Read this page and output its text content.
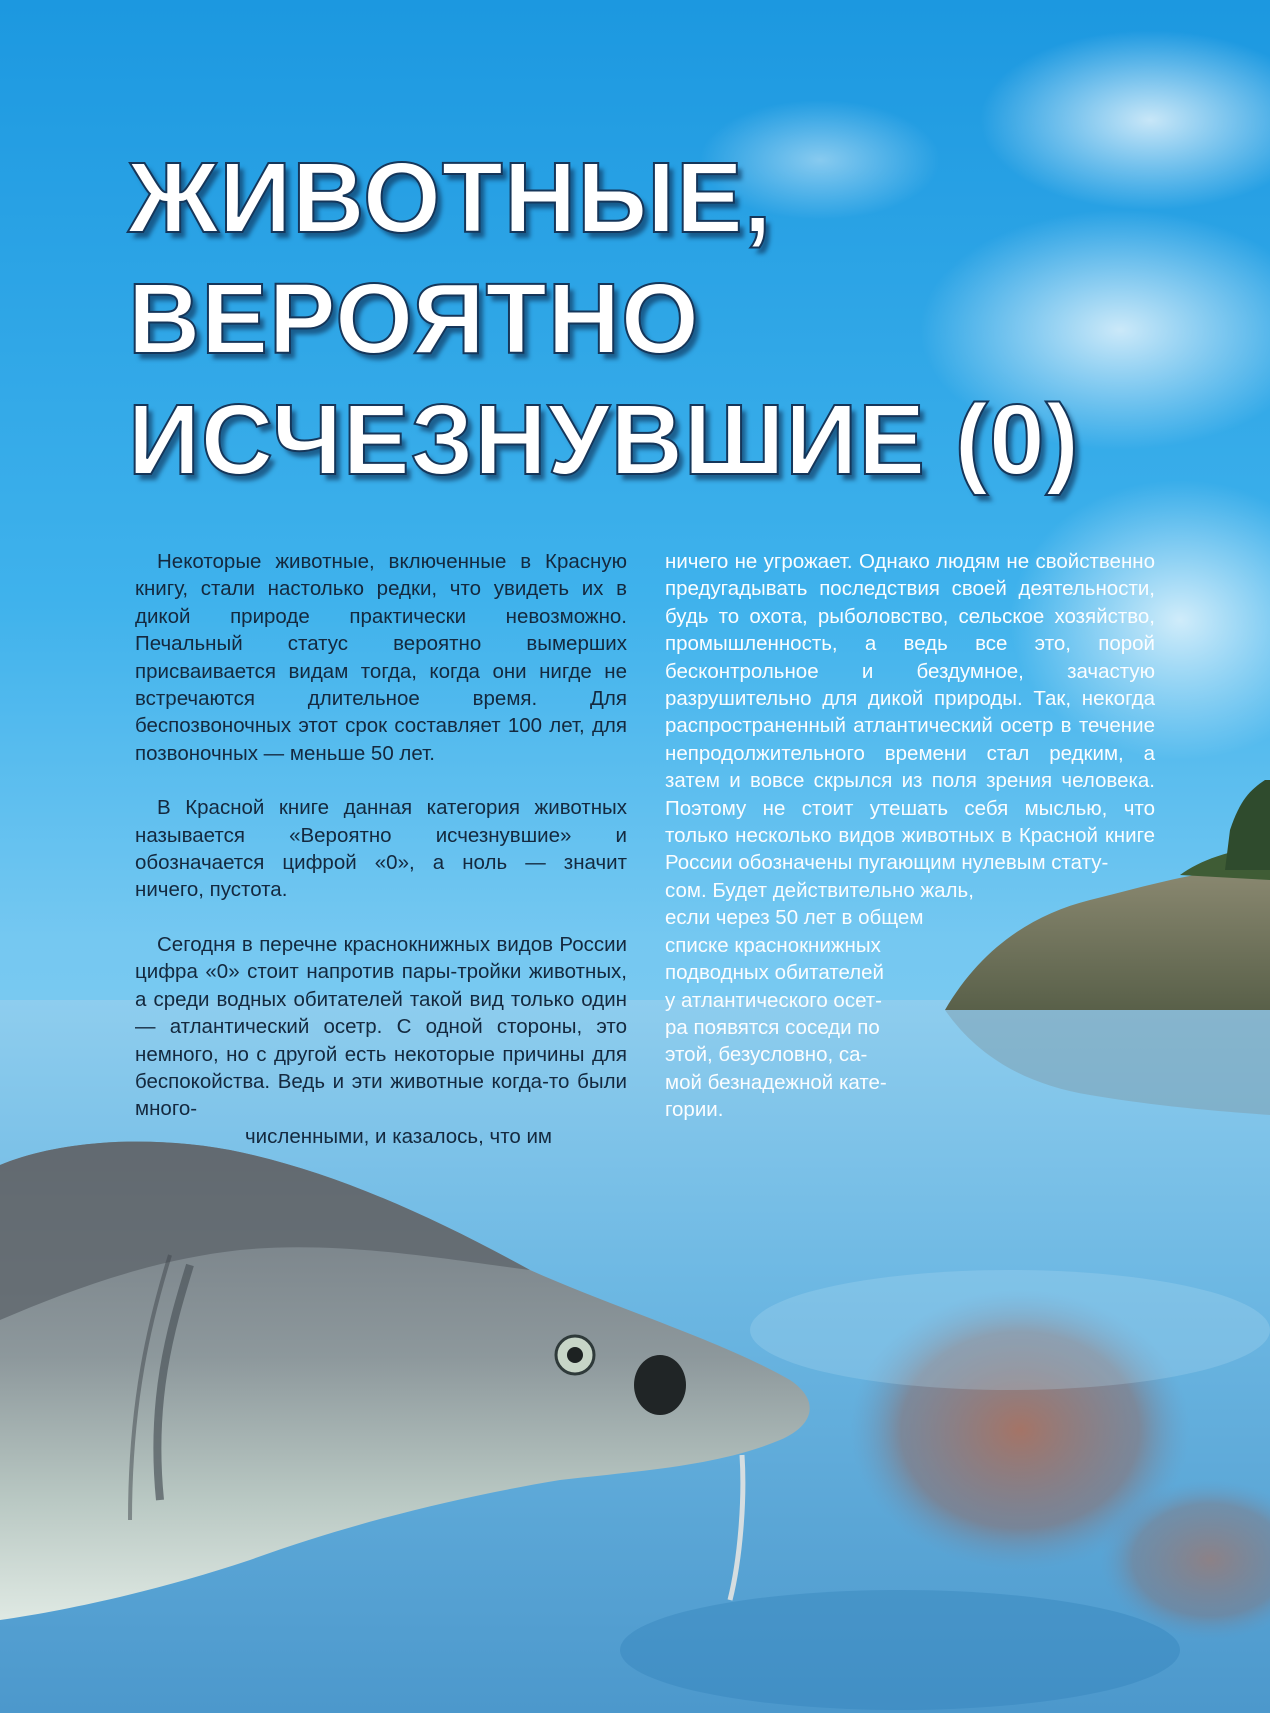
ЖИВОТНЫЕ,
ВЕРОЯТНО
ИСЧЕЗНУВШИЕ (0)

Некоторые животные, включенные в Красную книгу, стали настолько редки, что увидеть их в дикой природе практически невозможно. Печальный статус вероятно вымерших присваивается видам тогда, когда они нигде не встречаются длительное время. Для беспозвоночных этот срок составляет 100 лет, для позвоночных — меньше 50 лет.

В Красной книге данная категория животных называется «Вероятно исчезнувшие» и обозначается цифрой «0», а ноль — значит ничего, пустота.

Сегодня в перечне краснокнижных видов России цифра «0» стоит напротив пары-тройки животных, а среди водных обитателей такой вид только один — атлантический осетр. С одной стороны, это немного, но с другой есть некоторые причины для беспокойства. Ведь и эти животные когда-то были много-

численными, и казалось, что им

ничего не угрожает. Однако людям не свойственно предугадывать последствия своей деятельности, будь то охота, рыболовство, сельское хозяйство, промышленность, а ведь все это, порой бесконтрольное и бездумное, зачастую разрушительно для дикой природы. Так, некогда распространенный атлантический осетр в течение непродолжительного времени стал редким, а затем и вовсе скрылся из поля зрения человека. Поэтому не стоит утешать себя мыслью, что только несколько видов животных в Красной книге России обозначены пугающим нулевым стату-

сом. Будет действительно жаль,

если через 50 лет в общем

списке краснокнижных

подводных обитателей

у атлантического осет-

ра появятся соседи по

этой, безусловно, са-

мой безнадежной кате-

гории.
